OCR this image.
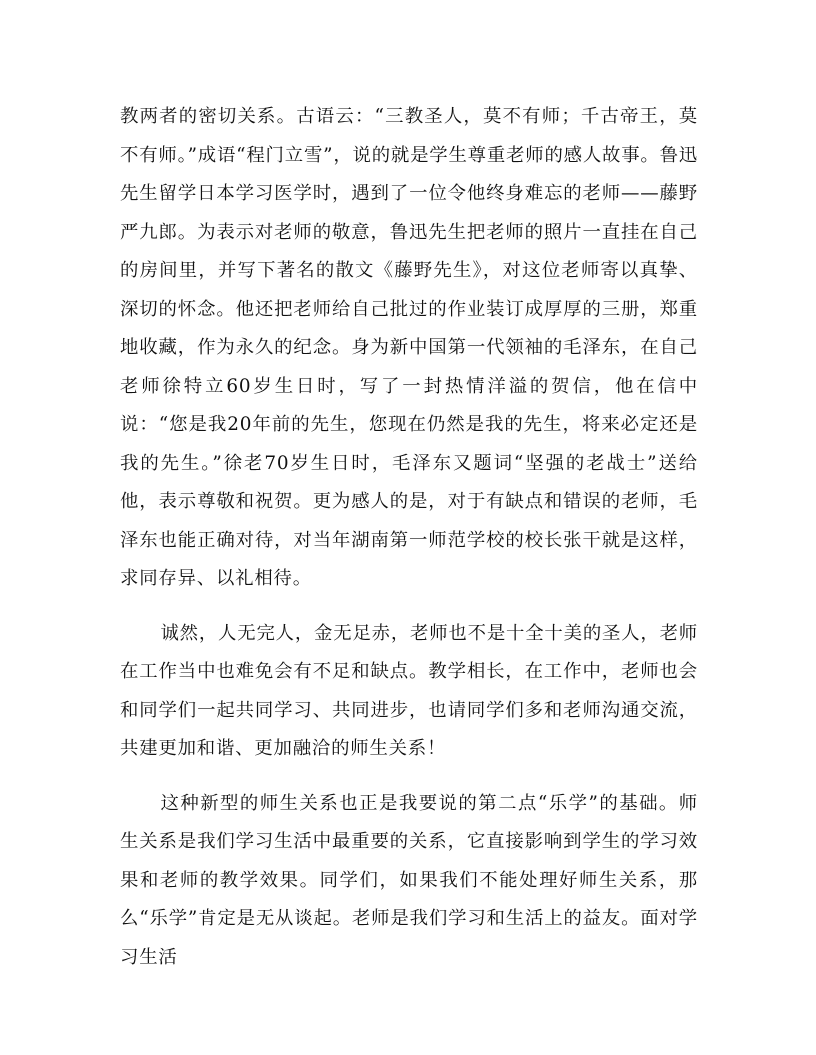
教两者的密切关系。古语云：“三教圣人，莫不有师；千古帝王，莫不有师。”成语“程门立雪”，说的就是学生尊重老师的感人故事。鲁迅先生留学日本学习医学时，遇到了一位令他终身难忘的老师——藤野严九郎。为表示对老师的敬意，鲁迅先生把老师的照片一直挂在自己的房间里，并写下著名的散文《藤野先生》，对这位老师寄以真挚、深切的怀念。他还把老师给自己批过的作业装订成厚厚的三册，郑重地收藏，作为永久的纪念。身为新中国第一代领袖的毛泽东，在自己老师徐特立60岁生日时，写了一封热情洋溢的贺信，他在信中说：“您是我20年前的先生，您现在仍然是我的先生，将来必定还是我的先生。”徐老70岁生日时，毛泽东又题词“坚强的老战士”送给他，表示尊敬和祝贺。更为感人的是，对于有缺点和错误的老师，毛泽东也能正确对待，对当年湖南第一师范学校的校长张干就是这样，求同存异、以礼相待。

诚然，人无完人，金无足赤，老师也不是十全十美的圣人，老师在工作当中也难免会有不足和缺点。教学相长，在工作中，老师也会和同学们一起共同学习、共同进步，也请同学们多和老师沟通交流，共建更加和谐、更加融洽的师生关系！

这种新型的师生关系也正是我要说的第二点“乐学”的基础。师生关系是我们学习生活中最重要的关系，它直接影响到学生的学习效果和老师的教学效果。同学们，如果我们不能处理好师生关系，那么“乐学”肯定是无从谈起。老师是我们学习和生活上的益友。面对学习生活
